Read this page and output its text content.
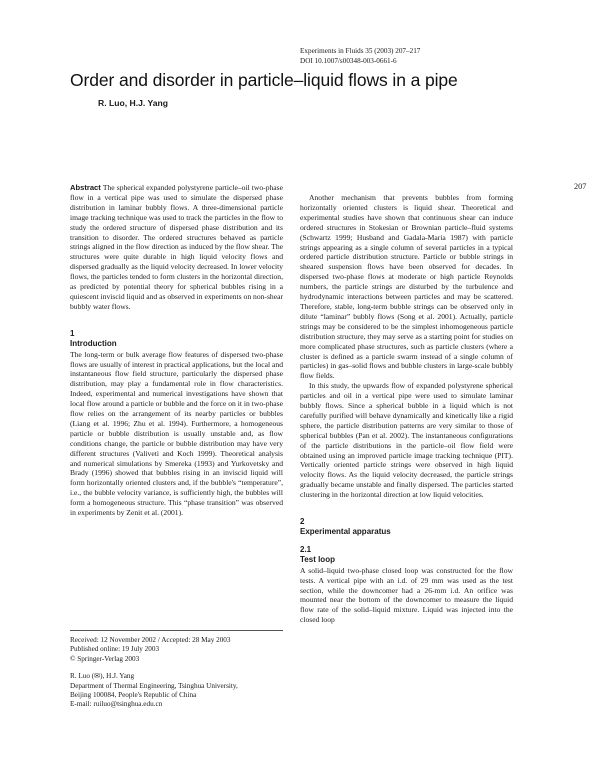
Experiments in Fluids 35 (2003) 207–217
DOI 10.1007/s00348-003-0661-6
Order and disorder in particle–liquid flows in a pipe
R. Luo, H.J. Yang
207

Abstract The spherical expanded polystyrene particle–oil two-phase flow in a vertical pipe was used to simulate the dispersed phase distribution in laminar bubbly flows. A three-dimensional particle image tracking technique was used to track the particles in the flow to study the ordered structure of dispersed phase distribution and its transition to disorder. The ordered structures behaved as particle strings aligned in the flow direction as induced by the flow shear. The structures were quite durable in high liquid velocity flows and dispersed gradually as the liquid velocity decreased. In lower velocity flows, the particles tended to form clusters in the horizontal direction, as predicted by potential theory for spherical bubbles rising in a quiescent inviscid liquid and as observed in experiments on non-shear bubbly water flows.

1
Introduction

The long-term or bulk average flow features of dispersed two-phase flows are usually of interest in practical applications, but the local and instantaneous flow field structure, particularly the dispersed phase distribution, may play a fundamental role in flow characteristics. Indeed, experimental and numerical investigations have shown that local flow around a particle or bubble and the force on it in two-phase flow relies on the arrangement of its nearby particles or bubbles (Liang et al. 1996; Zhu et al. 1994). Furthermore, a homogeneous particle or bubble distribution is usually unstable and, as flow conditions change, the particle or bubble distribution may have very different structures (Valiveti and Koch 1999). Theoretical analysis and numerical simulations by Smereka (1993) and Yurkovetsky and Brady (1996) showed that bubbles rising in an inviscid liquid will form horizontally oriented clusters and, if the bubble's “temperature”, i.e., the bubble velocity variance, is sufficiently high, the bubbles will form a homogeneous structure. This “phase transition” was observed in experiments by Zenit et al. (2001).

Another mechanism that prevents bubbles from forming horizontally oriented clusters is liquid shear. Theoretical and experimental studies have shown that continuous shear can induce ordered structures in Stokesian or Brownian particle–fluid systems (Schwartz 1999; Husband and Gadala-Maria 1987) with particle strings appearing as a single column of several particles in a typical ordered particle distribution structure. Particle or bubble strings in sheared suspension flows have been observed for decades. In dispersed two-phase flows at moderate or high particle Reynolds numbers, the particle strings are disturbed by the turbulence and hydrodynamic interactions between particles and may be scattered. Therefore, stable, long-term bubble strings can be observed only in dilute “laminar” bubbly flows (Song et al. 2001). Actually, particle strings may be considered to be the simplest inhomogeneous particle distribution structure, they may serve as a starting point for studies on more complicated phase structures, such as particle clusters (where a cluster is defined as a particle swarm instead of a single column of particles) in gas–solid flows and bubble clusters in large-scale bubbly flow fields.

In this study, the upwards flow of expanded polystyrene spherical particles and oil in a vertical pipe were used to simulate laminar bubbly flows. Since a spherical bubble in a liquid which is not carefully purified will behave dynamically and kinetically like a rigid sphere, the particle distribution patterns are very similar to those of spherical bubbles (Pan et al. 2002). The instantaneous configurations of the particle distributions in the particle–oil flow field were obtained using an improved particle image tracking technique (PIT). Vertically oriented particle strings were observed in high liquid velocity flows. As the liquid velocity decreased, the particle strings gradually became unstable and finally dispersed. The particles started clustering in the horizontal direction at low liquid velocities.

2
Experimental apparatus
2.1
Test loop

A solid–liquid two-phase closed loop was constructed for the flow tests. A vertical pipe with an i.d. of 29 mm was used as the test section, while the downcomer had a 26-mm i.d. An orifice was mounted near the bottom of the downcomer to measure the liquid flow rate of the solid–liquid mixture. Liquid was injected into the closed loop

Received: 12 November 2002 / Accepted: 28 May 2003

Published online: 19 July 2003

© Springer-Verlag 2003

R. Luo (✉), H.J. Yang

Department of Thermal Engineering, Tsinghua University,

Beijing 100084, People's Republic of China

E-mail: ruiluo@tsinghua.edu.cn
